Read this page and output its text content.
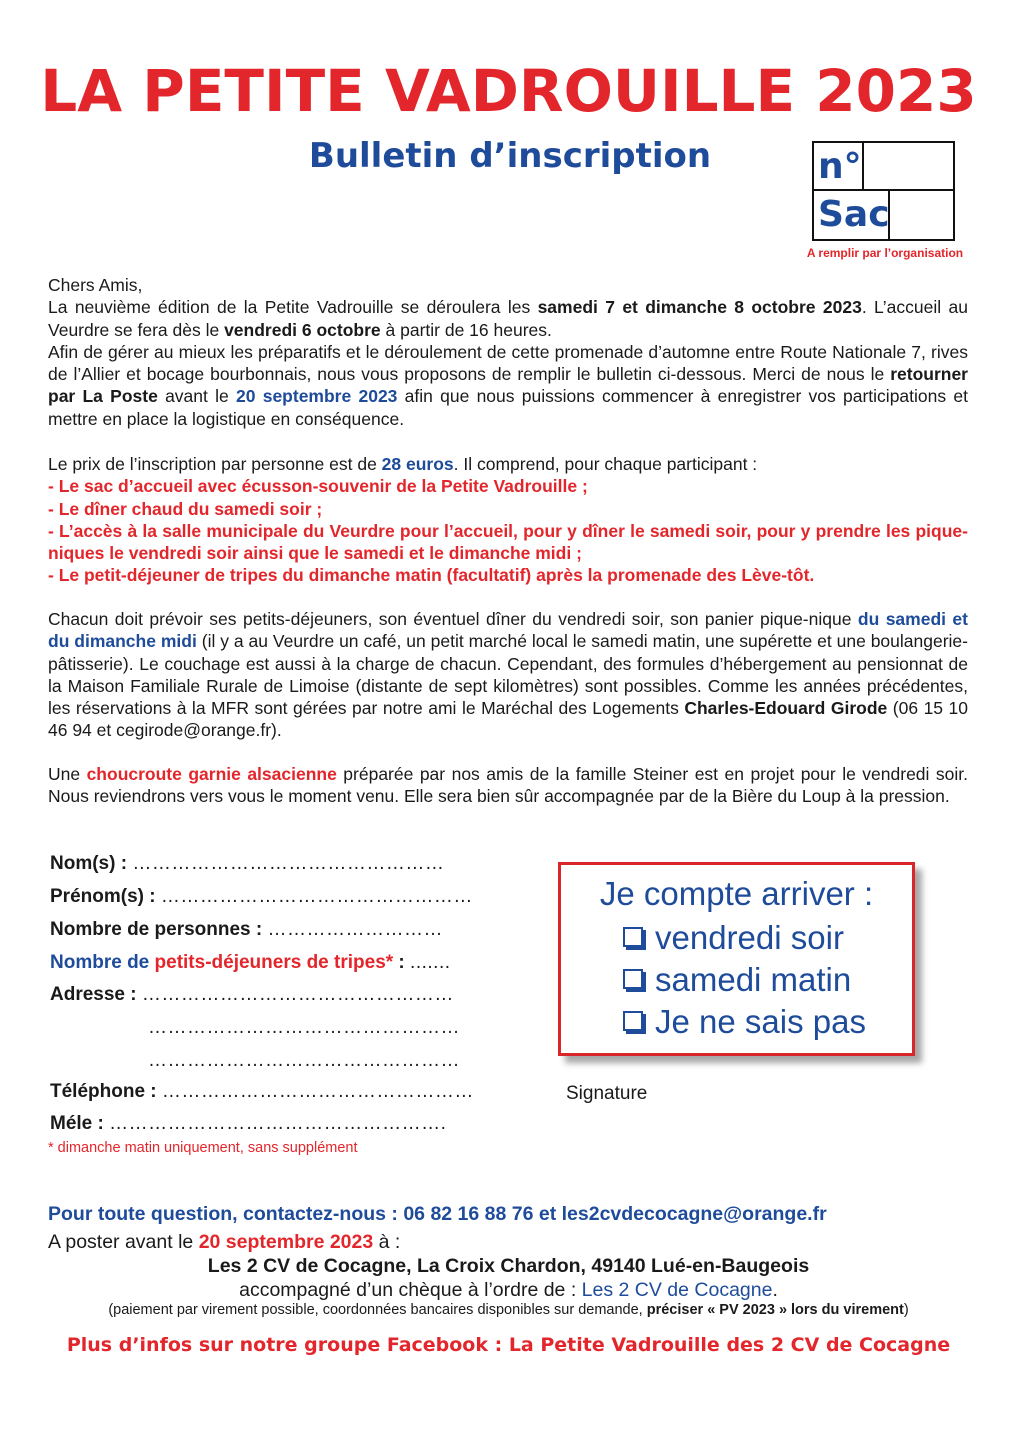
LA PETITE VADROUILLE 2023
Bulletin d’inscription	n°
Sac
A remplir par l’organisation

Chers Amis,

La neuvième édition de la Petite Vadrouille se déroulera les samedi 7 et dimanche 8 octobre 2023. L’accueil au Veurdre se fera dès le vendredi 6 octobre à partir de 16 heures.

Afin de gérer au mieux les préparatifs et le déroulement de cette promenade d’automne entre Route Nationale 7, rives de l’Allier et bocage bourbonnais, nous vous proposons de remplir le bulletin ci-dessous. Merci de nous le retourner par La Poste avant le 20 septembre 2023 afin que nous puissions commencer à enregistrer vos participations et mettre en place la logistique en conséquence.

Le prix de l’inscription par personne est de 28 euros. Il comprend, pour chaque participant :

- Le sac d’accueil avec écusson-souvenir de la Petite Vadrouille ;

- Le dîner chaud du samedi soir ;

- L’accès à la salle municipale du Veurdre pour l’accueil, pour y dîner le samedi soir, pour y prendre les pique-niques le vendredi soir ainsi que le samedi et le dimanche midi ;

- Le petit-déjeuner de tripes du dimanche matin (facultatif) après la promenade des Lève-tôt.

Chacun doit prévoir ses petits-déjeuners, son éventuel dîner du vendredi soir, son panier pique-nique du samedi et du dimanche midi (il y a au Veurdre un café, un petit marché local le samedi matin, une supérette et une boulangerie-pâtisserie). Le couchage est aussi à la charge de chacun. Cependant, des formules d’hébergement au pensionnat de la Maison Familiale Rurale de Limoise (distante de sept kilomètres) sont possibles. Comme les années précédentes, les réservations à la MFR sont gérées par notre ami le Maréchal des Logements Charles-Edouard Girode (06 15 10 46 94 et cegirode@orange.fr).

Une choucroute garnie alsacienne préparée par nos amis de la famille Steiner est en projet pour le vendredi soir. Nous reviendrons vers vous le moment venu. Elle sera bien sûr accompagnée par de la Bière du Loup à la pression.

Nom(s) : …………………………………………
Prénom(s) : …………………………………………
Nombre de personnes : ………………………
Nombre de petits-déjeuners de tripes* : .......
Adresse : …………………………………………
…………………………………………
…………………………………………
Téléphone : …………………………………………
Méle : …………………………………………….
* dimanche matin uniquement, sans supplément
Je compte arriver :
vendredi soir
samedi matin
Je ne sais pas
Signature
Pour toute question, contactez-nous : 06 82 16 88 76 et les2cvdecocagne@orange.fr
A poster avant le 20 septembre 2023 à :
Les 2 CV de Cocagne, La Croix Chardon, 49140 Lué-en-Baugeois
accompagné d’un chèque à l’ordre de : Les 2 CV de Cocagne.
(paiement par virement possible, coordonnées bancaires disponibles sur demande, préciser « PV 2023 » lors du virement)
Plus d’infos sur notre groupe Facebook : La Petite Vadrouille des 2 CV de Cocagne
